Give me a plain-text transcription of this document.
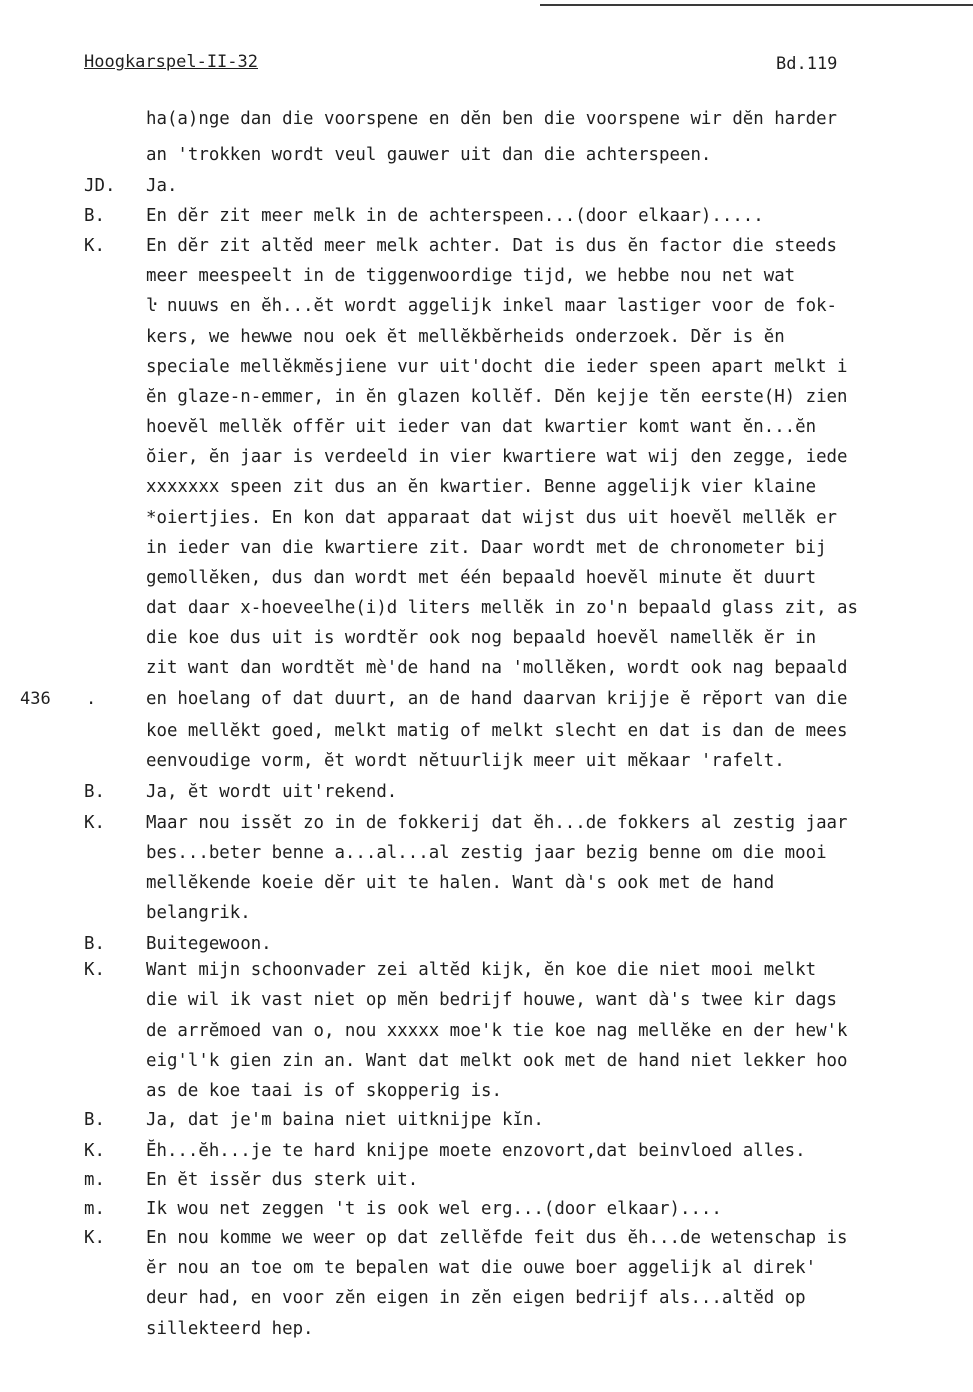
Hoogkarspel-II-32	Bd.119
436 .
ha(a)nge dan die voorspene en dĕn ben die voorspene wir dĕn harder
an 'trokken wordt veul gauwer uit dan die achterspeen.
JD. Ja.
B. En dĕr zit meer melk in de achterspeen...(door elkaar).....
K. En dĕr zit altĕd meer melk achter. Dat is dus ĕn factor die steeds
meer meespeelt in de tiggenwoordige tijd, we hebbe nou net wat
ŀ nuuws en ĕh...ĕt wordt aggelijk inkel maar lastiger voor de fok-
kers, we hewwe nou oek ĕt mellĕkbĕrheids onderzoek. Dĕr is ĕn
speciale mellĕkmĕsjiene vur uit'docht die ieder speen apart melkt i
ĕn glaze-n-emmer, in ĕn glazen kollĕf. Dĕn kejje tĕn eerste(H) zien
hoevĕl mellĕk offĕr uit ieder van dat kwartier komt want ĕn...ĕn
ŏier, ĕn jaar is verdeeld in vier kwartiere wat wij den zegge, iede
xxxxxxx speen zit dus an ĕn kwartier. Benne aggelijk vier klaine
*oiertjies. En kon dat apparaat dat wijst dus uit hoevĕl mellĕk er
in ieder van die kwartiere zit. Daar wordt met de chronometer bij
gemollĕken, dus dan wordt met één bepaald hoevĕl minute ĕt duurt
dat daar x-hoeveelhe(i)d liters mellĕk in zo'n bepaald glass zit, as
die koe dus uit is wordtĕr ook nog bepaald hoevĕl namellĕk ĕr in
zit want dan wordtĕt mè'de hand na 'mollĕken, wordt ook nag bepaald
en hoelang of dat duurt, an de hand daarvan krijje ĕ rĕport van die
koe mellĕkt goed, melkt matig of melkt slecht en dat is dan de mees
eenvoudige vorm, ĕt wordt nĕtuurlijk meer uit mĕkaar 'rafelt.
B. Ja, ĕt wordt uit'rekend.
K. Maar nou issĕt zo in de fokkerij dat ĕh...de fokkers al zestig jaar
bes...beter benne a...al...al zestig jaar bezig benne om die mooi
mellĕkende koeie dĕr uit te halen. Want dà's ook met de hand
belangrik.
B. Buitegewoon.
K. Want mijn schoonvader zei altĕd kijk, ĕn koe die niet mooi melkt
die wil ik vast niet op mĕn bedrijf houwe, want dà's twee kir dags
de arrĕmoed van o, nou xxxxx moe'k tie koe nag mellĕke en der hew'k
eig'l'k gien zin an. Want dat melkt ook met de hand niet lekker hoo
as de koe taai is of skopperig is.
B. Ja, dat je'm baina niet uitknijpe kĭn.
K. Ĕh...ĕh...je te hard knijpe moete enzovort,dat beinvloed alles.
m. En ĕt issĕr dus sterk uit.
m. Ik wou net zeggen 't is ook wel erg...(door elkaar)....
K. En nou komme we weer op dat zellĕfde feit dus ĕh...de wetenschap is
ĕr nou an toe om te bepalen wat die ouwe boer aggelijk al direk'
deur had, en voor zĕn eigen in zĕn eigen bedrijf als...altĕd op
sillekteerd hep.
